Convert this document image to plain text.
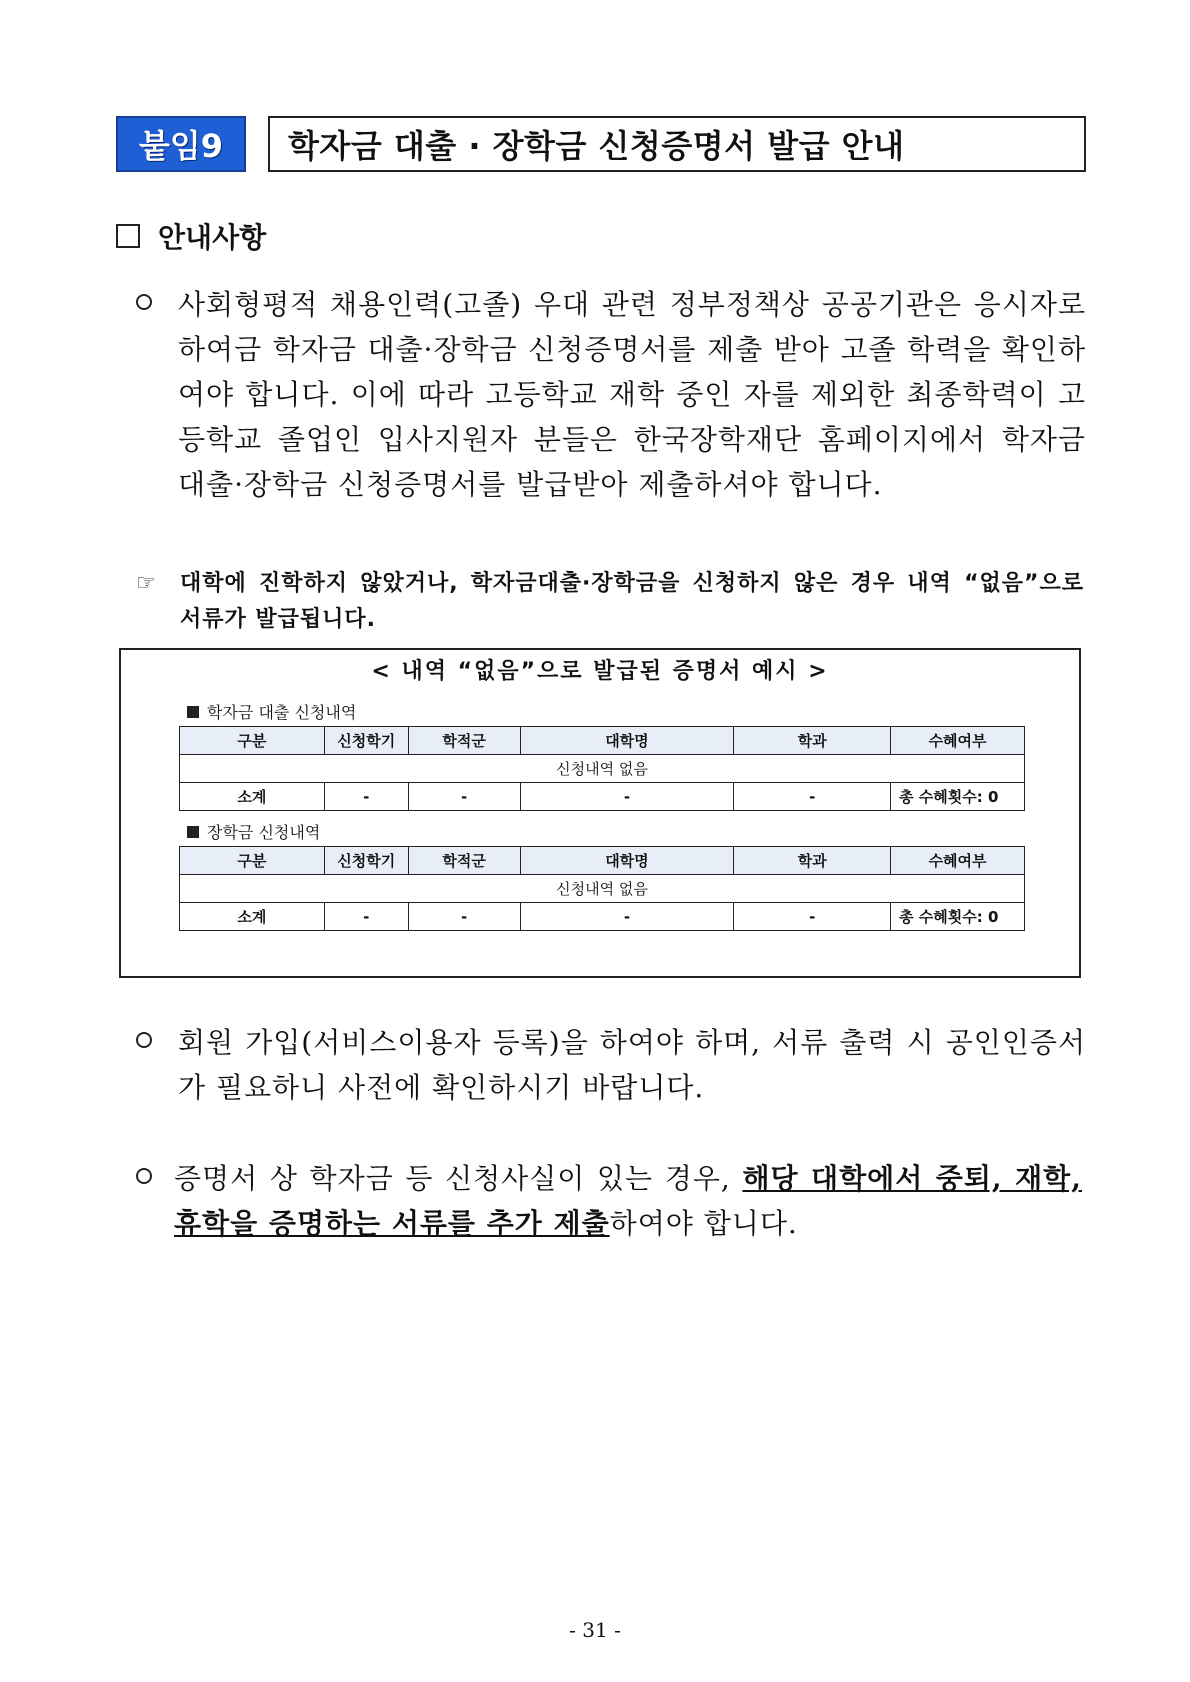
붙임9 학자금 대출 · 장학금 신청증명서 발급 안내
안내사항
사회형평적 채용인력(고졸) 우대 관련 정부정책상 공공기관은 응시자로 하여금 학자금 대출·장학금 신청증명서를 제출 받아 고졸 학력을 확인하여야 합니다. 이에 따라 고등학교 재학 중인 자를 제외한 최종학력이 고등학교 졸업인 입사지원자 분들은 한국장학재단 홈페이지에서 학자금 대출·장학금 신청증명서를 발급받아 제출하셔야 합니다.
☞ 대학에 진학하지 않았거나, 학자금대출·장학금을 신청하지 않은 경우 내역 “없음”으로 서류가 발급됩니다.
< 내역 “없음”으로 발급된 증명서 예시 >
학자금 대출 신청내역
구분	신청학기	학적군	대학명	학과	수혜여부
신청내역 없음					
소계	-	-	-	-	총 수혜횟수: 0
장학금 신청내역
구분	신청학기	학적군	대학명	학과	수혜여부
신청내역 없음					
소계	-	-	-	-	총 수혜횟수: 0
회원 가입(서비스이용자 등록)을 하여야 하며, 서류 출력 시 공인인증서가 필요하니 사전에 확인하시기 바랍니다.
증명서 상 학자금 등 신청사실이 있는 경우, 해당 대학에서 중퇴, 재학, 휴학을 증명하는 서류를 추가 제출하여야 합니다.
- 31 -
